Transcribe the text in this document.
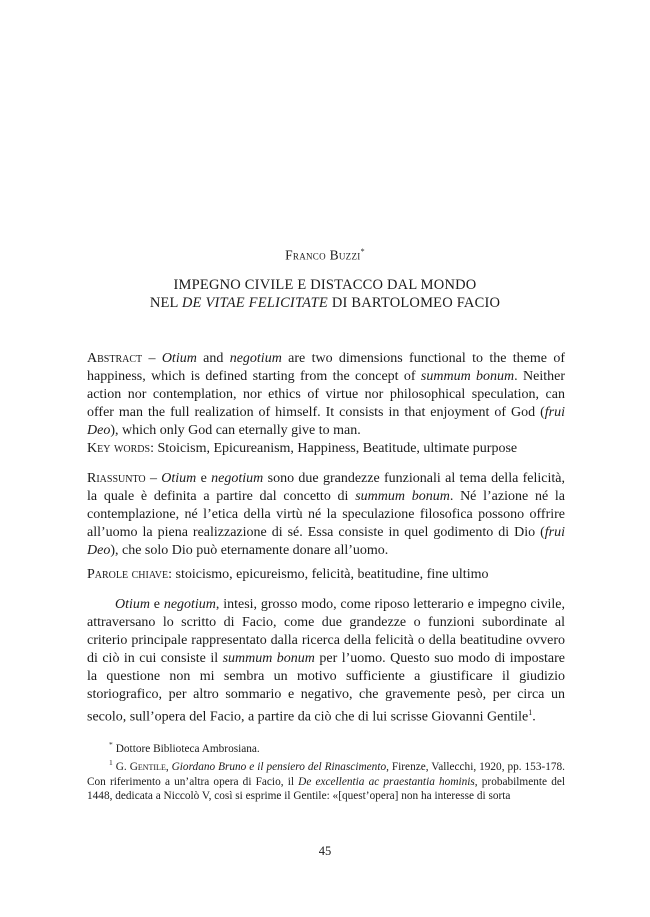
Franco Buzzi*
IMPEGNO CIVILE E DISTACCO DAL MONDO
NEL DE VITAE FELICITATE DI BARTOLOMEO FACIO

Abstract – Otium and negotium are two dimensions functional to the theme of happiness, which is defined starting from the concept of summum bonum. Neither action nor contemplation, nor ethics of virtue nor philosophical speculation, can offer man the full realization of himself. It consists in that enjoyment of God (frui Deo), which only God can eternally give to man.

Key words: Stoicism, Epicureanism, Happiness, Beatitude, ultimate purpose

Riassunto – Otium e negotium sono due grandezze funzionali al tema della felicità, la quale è definita a partire dal concetto di summum bonum. Né l’azione né la contemplazione, né l’etica della virtù né la speculazione filosofica possono offrire all’uomo la piena realizzazione di sé. Essa consiste in quel godimento di Dio (frui Deo), che solo Dio può eternamente donare all’uomo.

Parole chiave: stoicismo, epicureismo, felicità, beatitudine, fine ultimo

Otium e negotium, intesi, grosso modo, come riposo letterario e impegno civile, attraversano lo scritto di Facio, come due grandezze o funzioni subordinate al criterio principale rappresentato dalla ricerca della felicità o della beatitudine ovvero di ciò in cui consiste il summum bonum per l’uomo. Questo suo modo di impostare la questione non mi sembra un motivo sufficiente a giustificare il giudizio storiografico, per altro sommario e negativo, che gravemente pesò, per circa un secolo, sull’opera del Facio, a partire da ciò che di lui scrisse Giovanni Gentile$^1$.

* Dottore Biblioteca Ambrosiana.

$^1$ G. Gentile, Giordano Bruno e il pensiero del Rinascimento, Firenze, Vallecchi, 1920, pp. 153-178. Con riferimento a un’altra opera di Facio, il De excellentia ac praestantia hominis, probabilmente del 1448, dedicata a Niccolò V, così si esprime il Gentile: «[quest’opera] non ha interesse di sorta

45
